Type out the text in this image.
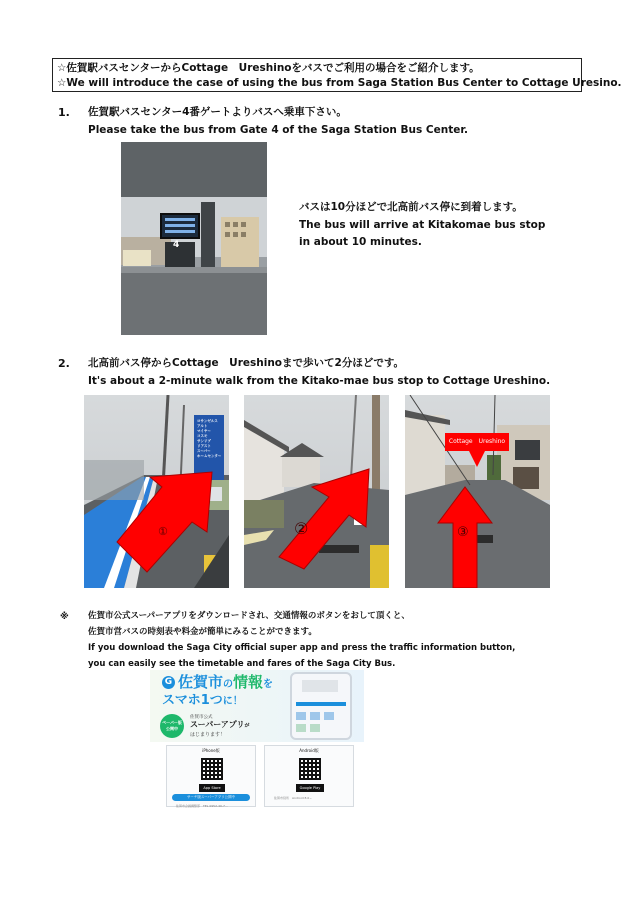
☆佐賀駅バスセンターからCottage　Ureshinoをバスでご利用の場合をご紹介します。
☆We will introduce the case of using the bus from Saga Station Bus Center to Cottage Uresino.
1. 佐賀駅バスセンター4番ゲートよりバスへ乗車下さい。
Please take the bus from Gate 4 of the Saga Station Bus Center.
4
バスは10分ほどで北高前バス停に到着します。
The bus will arrive at Kitakomae bus stop
in about 10 minutes.
2. 北高前バス停からCottage　Ureshinoまで歩いて2分ほどです。
It's about a 2-minute walk from the Kitako-mae bus stop to Cottage Ureshino.
ロサンゼルス
アルト
マイヤー
コスモ
サンリブ
リアスト
スーパー
ホームセンター
①	②
Cottage　Ureshino
③
※ 佐賀市公式スーパーアプリをダウンロードされ、交通情報のボタンをおして頂くと、
佐賀市営バスの時刻表や料金が簡単にみることができます。
If you download the Saga City official super app and press the traffic information button,
you can easily see the timetable and fares of the Saga City Bus.
G 佐賀市の情報を
スマホ1つに！
ペーパー版
公開中
佐賀市公式
スーパーアプリが
はじまります！
iPhone版
App Store
Android版
Google Play
サーチ版スーパーアプリ公開中
佐賀市企画調整部　TEL 0952-40-7…
佐賀市役所　Android 8.0~
